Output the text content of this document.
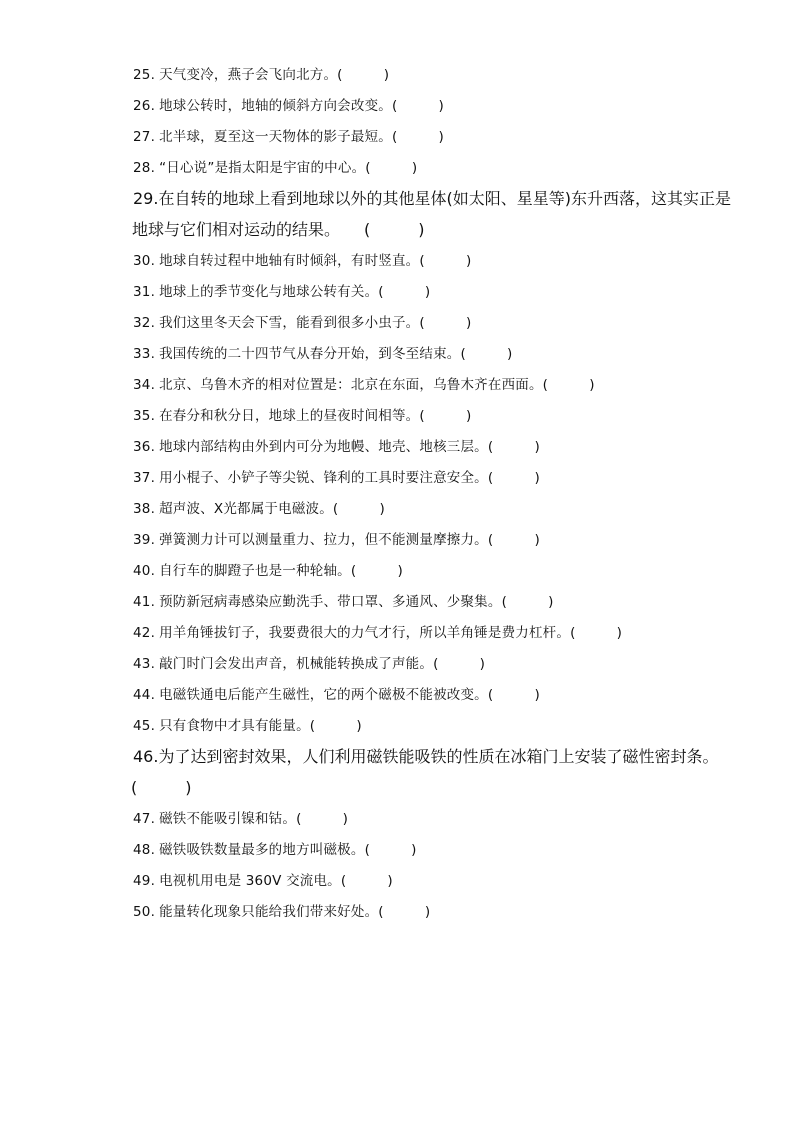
25. 天气变冷，燕子会飞向北方。(　　　)
26. 地球公转时，地轴的倾斜方向会改变。(　　　)
27. 北半球，夏至这一天物体的影子最短。(　　　)
28. “日心说”是指太阳是宇宙的中心。(　　　)
29.在自转的地球上看到地球以外的其他星体(如太阳、星星等)东升西落，这其实正是
地球与它们相对运动的结果。　　(　　　)
30. 地球自转过程中地轴有时倾斜，有时竖直。(　　　)
31. 地球上的季节变化与地球公转有关。(　　　)
32. 我们这里冬天会下雪，能看到很多小虫子。(　　　)
33. 我国传统的二十四节气从春分开始，到冬至结束。(　　　)
34. 北京、乌鲁木齐的相对位置是：北京在东面，乌鲁木齐在西面。(　　　)
35. 在春分和秋分日，地球上的昼夜时间相等。(　　　)
36. 地球内部结构由外到内可分为地幔、地壳、地核三层。(　　　)
37. 用小棍子、小铲子等尖锐、锋利的工具时要注意安全。(　　　)
38. 超声波、X光都属于电磁波。(　　　)
39. 弹簧测力计可以测量重力、拉力，但不能测量摩擦力。(　　　)
40. 自行车的脚蹬子也是一种轮轴。(　　　)
41. 预防新冠病毒感染应勤洗手、带口罩、多通风、少聚集。(　　　)
42. 用羊角锤拔钉子，我要费很大的力气才行，所以羊角锤是费力杠杆。(　　　)
43. 敲门时门会发出声音，机械能转换成了声能。(　　　)
44. 电磁铁通电后能产生磁性，它的两个磁极不能被改变。(　　　)
45. 只有食物中才具有能量。(　　　)
46.为了达到密封效果，人们利用磁铁能吸铁的性质在冰箱门上安装了磁性密封条。
(　　　)
47. 磁铁不能吸引镍和钴。(　　　)
48. 磁铁吸铁数量最多的地方叫磁极。(　　　)
49. 电视机用电是 360V 交流电。(　　　)
50. 能量转化现象只能给我们带来好处。(　　　)
